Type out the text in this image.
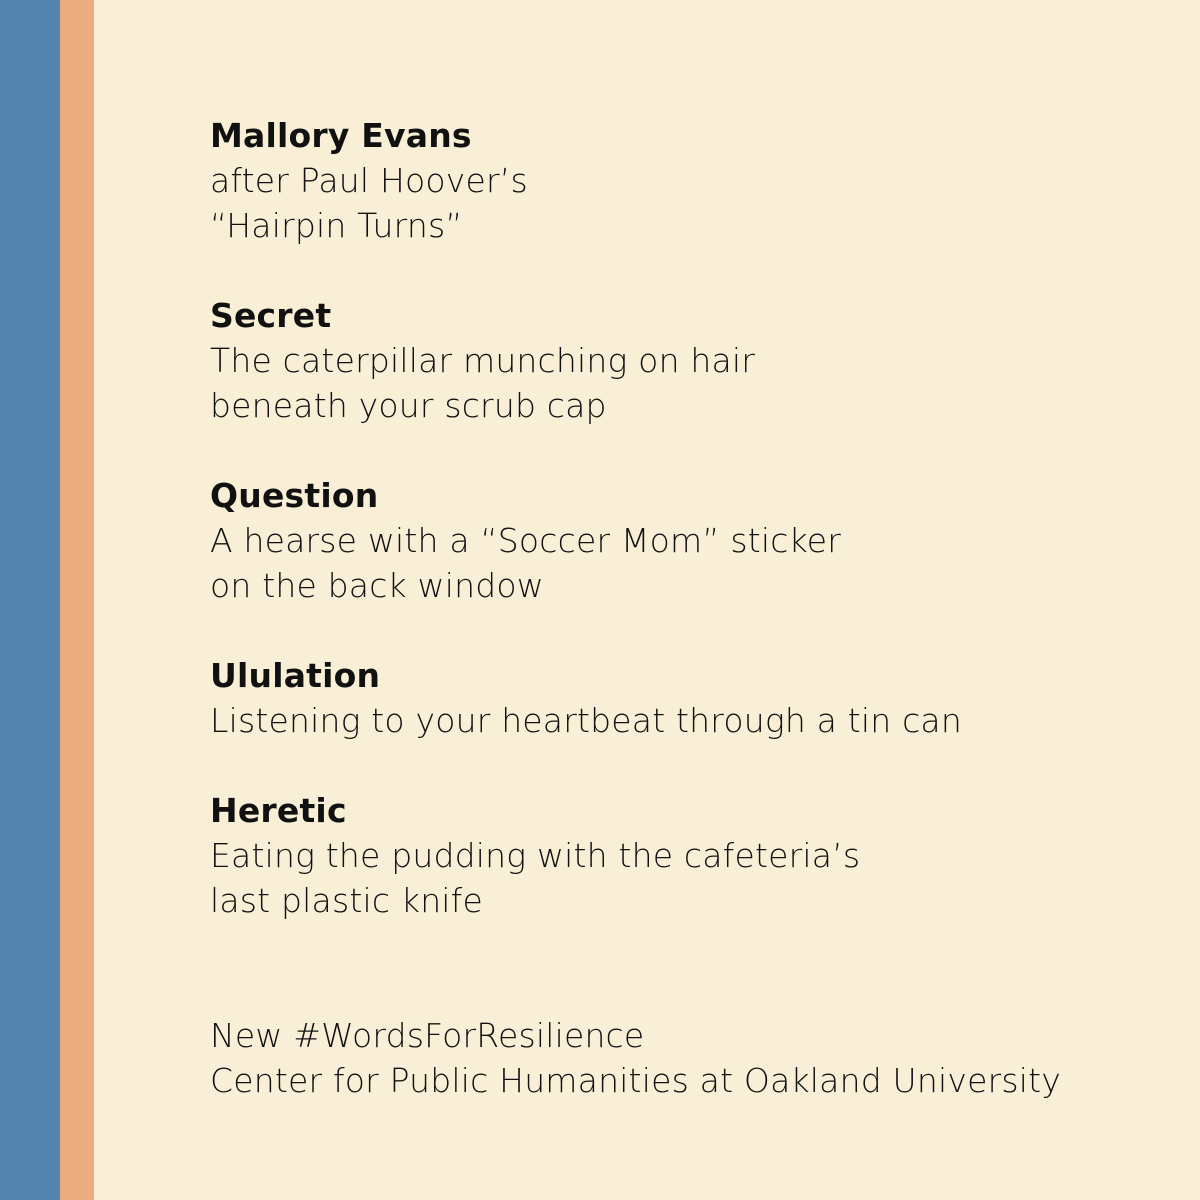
Mallory Evans
after Paul Hoover’s
“Hairpin Turns”
Secret
The caterpillar munching on hair
beneath your scrub cap
Question
A hearse with a “Soccer Mom” sticker
on the back window
Ululation
Listening to your heartbeat through a tin can
Heretic
Eating the pudding with the cafeteria’s
last plastic knife
New #WordsForResilience
Center for Public Humanities at Oakland University
